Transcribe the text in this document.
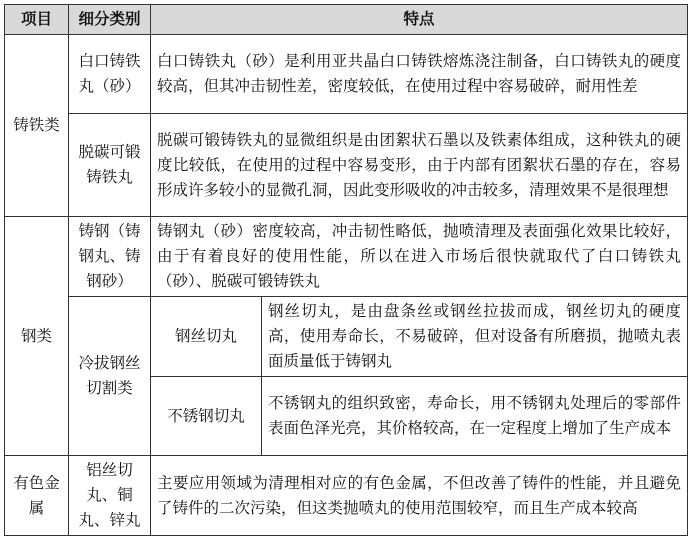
项目	细分类别	特点	
铸铁类	白口铸铁丸（砂）	白口铸铁丸（砂）是利用亚共晶白口铸铁熔炼浇注制备，白口铸铁丸的硬度较高，但其冲击韧性差，密度较低，在使用过程中容易破碎，耐用性差	
	脱碳可锻铸铁丸	脱碳可锻铸铁丸的显微组织是由团絮状石墨以及铁素体组成，这种铁丸的硬度比较低，在使用的过程中容易变形，由于内部有团絮状石墨的存在，容易形成许多较小的显微孔洞，因此变形吸收的冲击较多，清理效果不是很理想	
钢类	铸钢（铸钢丸、铸钢砂）	铸钢丸（砂）密度较高，冲击韧性略低，抛喷清理及表面强化效果比较好，由于有着良好的使用性能，所以在进入市场后很快就取代了白口铸铁丸（砂）、脱碳可锻铸铁丸	
	冷拔钢丝切割类	钢丝切丸	钢丝切丸，是由盘条丝或钢丝拉拔而成，钢丝切丸的硬度高，使用寿命长，不易破碎，但对设备有所磨损，抛喷丸表面质量低于铸钢丸
		不锈钢切丸	不锈钢丸的组织致密，寿命长，用不锈钢丸处理后的零部件表面色泽光亮，其价格较高，在一定程度上增加了生产成本
有色金属	铝丝切丸、铜丸、锌丸	主要应用领域为清理相对应的有色金属，不但改善了铸件的性能，并且避免了铸件的二次污染，但这类抛喷丸的使用范围较窄，而且生产成本较高	
